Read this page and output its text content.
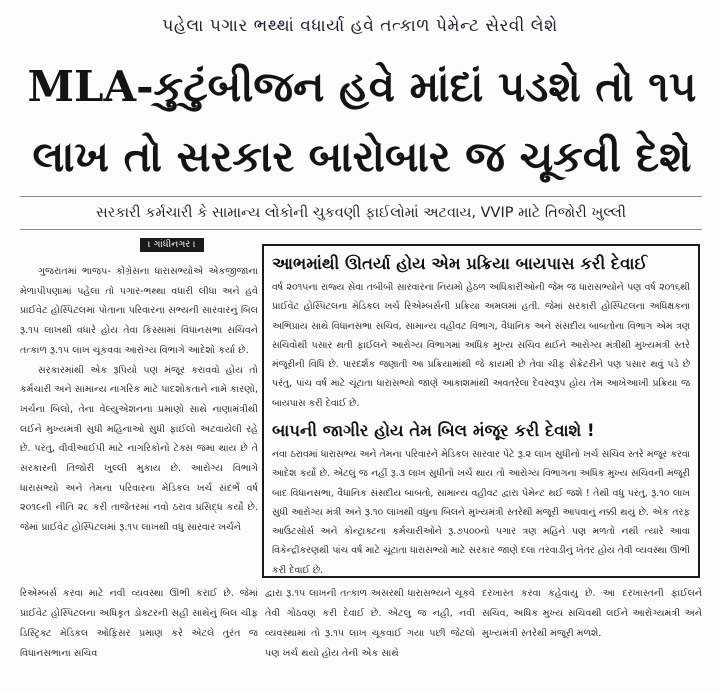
પહેલા પગાર ભથ્થાં વધાર્યા હવે તત્કાળ પેમેન્ટ સેરવી લેશે
MLA-કુટુંબીજન હવે માંદાં પડશે તો ૧૫
લાખ તો સરકાર બારોબાર જ ચૂકવી દેશે
સરકારી કર્મચારી કે સામાન્ય લોકોની ચુકવણી ફાઈલોમાં અટવાય, VVIP માટે તિજોરી ખુલ્લી
। ગાંધીનગર ।

ગુજરાતમાં ભાજપ- કોંગ્રેસના ધારાસભ્યોએ એકજીજાના મેળાપીપણામાં પહેલા તો પગાર-ભથ્થા વધારી લીધા અને હવે પ્રાઈવેટ હોસ્પિટલમાં પોતાના પરિવારના સભ્યની સારવારનું બિલ રૂ.૧૫ લાખથી વધારે હોય તેવા કિસ્સામાં વિધાનસભા સચિવને તત્કાળ રૂ.૧૫ લાખ ચૂકવવા આરોગ્ય વિભાગે આદેશો કર્યા છે.

સરકારમાંથી એક રૂપિયો પણ મંજૂર કરાવવો હોય તો કર્મચારી અને સામાન્ય નાગરિક માટે પાદશોકતાને નામે કારણો, ખર્ચના બિલો, તેના વેલ્યુએશનના પ્રમાણો સાથે નાણામંત્રીથી લઈને મુખ્યમંત્રી સુધી મહિનાઓ સુધી ફાઈલો અટવાયેલી રહે છે. પરંતુ, વીવીઆઈપી માટે નાગરિકોનો ટેક્સ જમા થાય છે તે સરકારની તિજોરી ખુલ્લી મુકાય છે. આરોગ્ય વિભાગે ધારાસભ્યો અને તેમના પરિવારના મેડિકલ ખર્ચ સંદર્ભે વર્ષ ૨૦૧૯ની નીતિ ૨૮ કરી તાજેતરમાં નવો ઠરાવ પ્રસિદ્ધ કર્યો છે. જેમાં પ્રાઈવેટ હોસ્પિટલમાં રૂ.૧૫ લાખથી વધુ સારવાર ખર્ચને

આભમાંથી ઊતર્યા હોય એમ પ્રક્રિયા બાયપાસ કરી દેવાઈ
વર્ષ ૨૦૧૫ના રાજ્ય સેવા તબીબી સારવારના નિયમો હેઠળ અધિકારીઓની જેમ જ ધારાસભ્યોને પણ વર્ષ ૨૦૧૬થી પ્રાઈવેટ હોસ્પિટલના મેડિકલ ખર્ચ રિએમ્બર્સની પ્રક્રિયા અમલમાં હતી. જેમાં સરકારી હોસ્પિટલના અધિક્ષકના અભિપ્રાય સાથે વિધાનસભા સચિવ, સામાન્ય વહીવટ વિભાગ, વૈધાનિક અને સંસદીય બાબતોના વિભાગ એમ ત્રણ સચિવોથી પસાર થતી ફાઈલને આરોગ્ય વિભાગમાં અધિક મુખ્ય સચિવ થઈને આરોગ્ય મંત્રીથી મુખ્યમંત્રી સ્તરે મંજૂરીની વિધિ છે. પારદર્શક જણાતી આ પ્રક્રિયામાંથી જે કાયમી છે તેવા ચીફ સેક્રેટરીને પણ પસાર થવું પડે છે પરંતુ, પાંચ વર્ષ માટે ચૂંટાતા ધારાસભ્યો જાણે આકાશમાંથી અવતરેલા દેવસ્વરૂપ હોય તેમ આખેઆખી પ્રક્રિયા જ બાયપાસ કરી દેવાઈ છે.
બાપની જાગીર હોય તેમ બિલ મંજૂર કરી દેવાશે !
નવા ઠરાવમાં ધારાસભ્ય અને તેમના પરિવારને મેડિકલ સારવાર પેટે રૂ.૨ લાખ સુધીનો ખર્ચ સચિવ સ્તરે મંજૂર કરવા આદેશ કર્યો છે. એટલું જ નહીં રૂ.૩ લાખ સુધીનો ખર્ચ થાય તો આરોગ્ય વિભાગના અધિક મુખ્ય સચિવની મંજૂરી બાદ વિધાનસભા, વૈધાનિક સંસદીય બાબતો, સામાન્ય વહીવટ દ્વારા પેમેન્ટ થઈ જશે ! તેથી વધુ પરંતુ, રૂ.૧૦ લાખ સુધી આરોગ્ય મંત્રી અને રૂ.૧૦ લાખથી વધુના બિલને મુખ્યમંત્રી સ્તરેથી મંજૂરી આપવાનું નક્કી થયું છે. એક તરફ આઉટસોર્સ અને કોન્ટ્રાક્ટના કર્મચારીઓને રૂ.૭૫૦૦નો પગાર ત્રણ મહિને પણ મળતો નથી ત્યારે આવા વિકેન્દ્રીકરણથી પાંચ વર્ષ માટે ચૂંટાતા ધારાસભ્યો માટે સરકાર જાણે દલા તરવાડીનું ખેતર હોય તેવી વ્યવસ્થા ઊભી કરી દેવાઈ છે.
રિએમ્બર્સ કરવા માટે નવી વ્યવસ્થા ઊભી કરાઈ છે. જેમાં પ્રાઈવેટ હોસ્પિટલના અધિકૃત ડોક્ટરની સહી સાથેનું બિલ ચીફ ડિસ્ટ્રિક્ટ મેડિકલ ઓફિસર પ્રમાણ કરે એટલે તુરંત જ વિધાનસભાના સચિવ
દ્વારા રૂ.૧૫ લાખની તત્કાળ અસરથી ધારાસભ્યને ચૂકવે તેવી ગોઠવણ કરી દેવાઈ છે. એટલુ જ નહી, નવી વ્યવસ્થામાં તો રૂ.૧૫ લાખ ચૂકવાઈ ગયા પછી જેટલો પણ ખર્ચ થયો હોય તેની એક સાથે
દરખાસ્ત કરવા કહેવાયુ છે. આ દરખાસ્તની ફાઈલને સચિવ, અધિક મુખ્ય સચિવથી લઈને આરોગ્યમંત્રી અને મુખ્યમંત્રી સ્તરેથી મંજૂરી મળશે.
